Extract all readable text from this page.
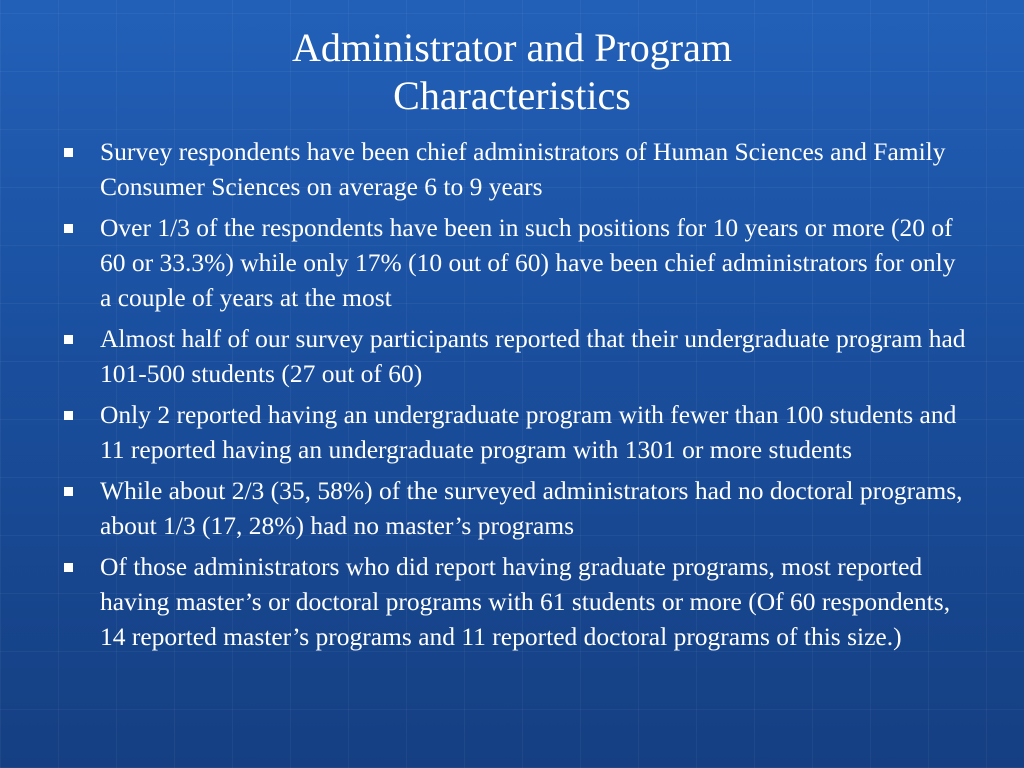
Administrator and Program
Characteristics
Survey respondents have been chief administrators of Human Sciences and Family Consumer Sciences on average 6 to 9 years
Over 1/3 of the respondents have been in such positions for 10 years or more (20 of 60 or 33.3%) while only 17% (10 out of 60) have been chief administrators for only a couple of years at the most
Almost half of our survey participants reported that their undergraduate program had 101-500 students (27 out of 60)
Only 2 reported having an undergraduate program with fewer than 100 students and 11 reported having an undergraduate program with 1301 or more students
While about 2/3 (35, 58%) of the surveyed administrators had no doctoral programs, about 1/3 (17, 28%) had no master’s programs
Of those administrators who did report having graduate programs, most reported having master’s or doctoral programs with 61 students or more (Of 60 respondents, 14 reported master’s programs and 11 reported doctoral programs of this size.)
